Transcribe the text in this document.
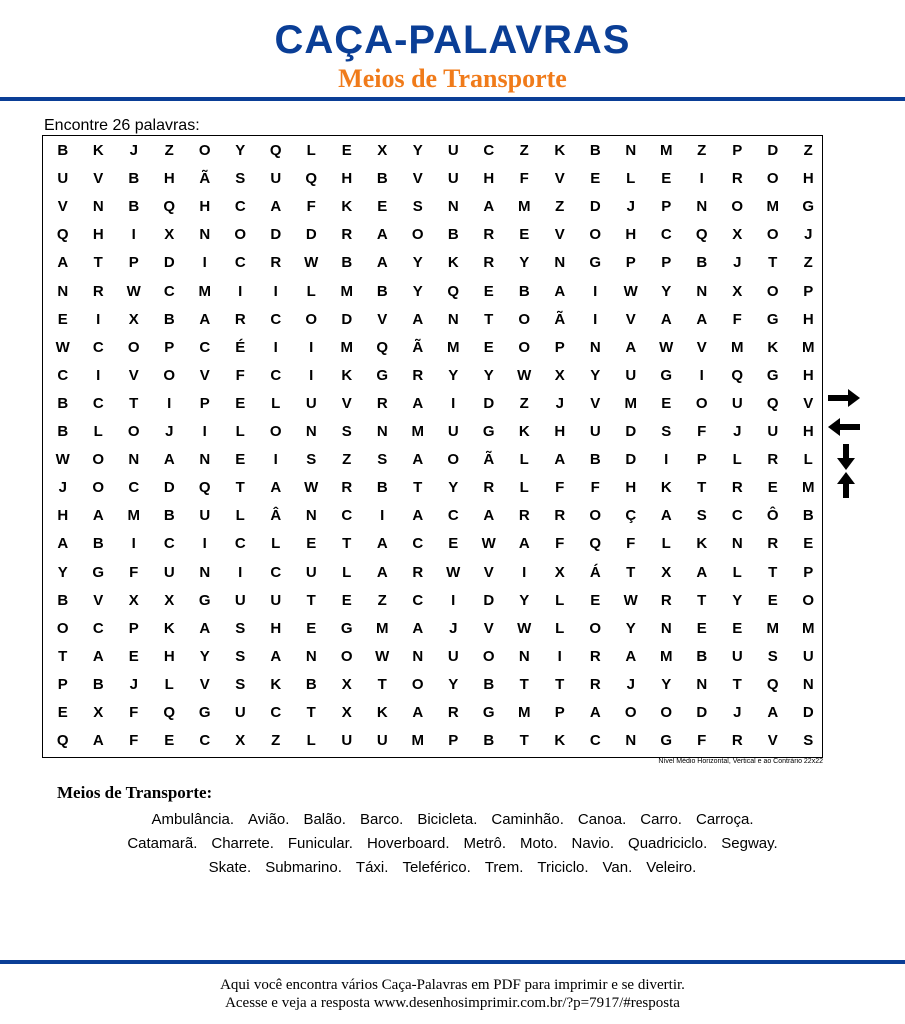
CAÇA-PALAVRAS
Meios de Transporte
Encontre 26 palavras:
B	K	J	Z	O	Y	Q	L	E	X	Y	U	C	Z	K	B	N	M	Z	P	D	Z
U	V	B	H	Ã	S	U	Q	H	B	V	U	H	F	V	E	L	E	I	R	O	H
V	N	B	Q	H	C	A	F	K	E	S	N	A	M	Z	D	J	P	N	O	M	G
Q	H	I	X	N	O	D	D	R	A	O	B	R	E	V	O	H	C	Q	X	O	J
A	T	P	D	I	C	R	W	B	A	Y	K	R	Y	N	G	P	P	B	J	T	Z
N	R	W	C	M	I	I	L	M	B	Y	Q	E	B	A	I	W	Y	N	X	O	P
E	I	X	B	A	R	C	O	D	V	A	N	T	O	Ã	I	V	A	A	F	G	H
W	C	O	P	C	É	I	I	M	Q	Ã	M	E	O	P	N	A	W	V	M	K	M
C	I	V	O	V	F	C	I	K	G	R	Y	Y	W	X	Y	U	G	I	Q	G	H
B	C	T	I	P	E	L	U	V	R	A	I	D	Z	J	V	M	E	O	U	Q	V
B	L	O	J	I	L	O	N	S	N	M	U	G	K	H	U	D	S	F	J	U	H
W	O	N	A	N	E	I	S	Z	S	A	O	Ã	L	A	B	D	I	P	L	R	L
J	O	C	D	Q	T	A	W	R	B	T	Y	R	L	F	F	H	K	T	R	E	M
H	A	M	B	U	L	Â	N	C	I	A	C	A	R	R	O	Ç	A	S	C	Ô	B
A	B	I	C	I	C	L	E	T	A	C	E	W	A	F	Q	F	L	K	N	R	E
Y	G	F	U	N	I	C	U	L	A	R	W	V	I	X	Á	T	X	A	L	T	P
B	V	X	X	G	U	U	T	E	Z	C	I	D	Y	L	E	W	R	T	Y	E	O
O	C	P	K	A	S	H	E	G	M	A	J	V	W	L	O	Y	N	E	E	M	M
T	A	E	H	Y	S	A	N	O	W	N	U	O	N	I	R	A	M	B	U	S	U
P	B	J	L	V	S	K	B	X	T	O	Y	B	T	T	R	J	Y	N	T	Q	N
E	X	F	Q	G	U	C	T	X	K	A	R	G	M	P	A	O	O	D	J	A	D
Q	A	F	E	C	X	Z	L	U	U	M	P	B	T	K	C	N	G	F	R	V	S
Nível Médio Horizontal, Vertical e ao Contrário 22x22
Meios de Transporte:
Ambulância. Avião. Balão. Barco. Bicicleta. Caminhão. Canoa. Carro. Carroça.
Catamarã. Charrete. Funicular. Hoverboard. Metrô. Moto. Navio. Quadriciclo. Segway.
Skate. Submarino. Táxi. Teleférico. Trem. Triciclo. Van. Veleiro.
Aqui você encontra vários Caça-Palavras em PDF para imprimir e se divertir.
Acesse e veja a resposta www.desenhosimprimir.com.br/?p=7917/#resposta
